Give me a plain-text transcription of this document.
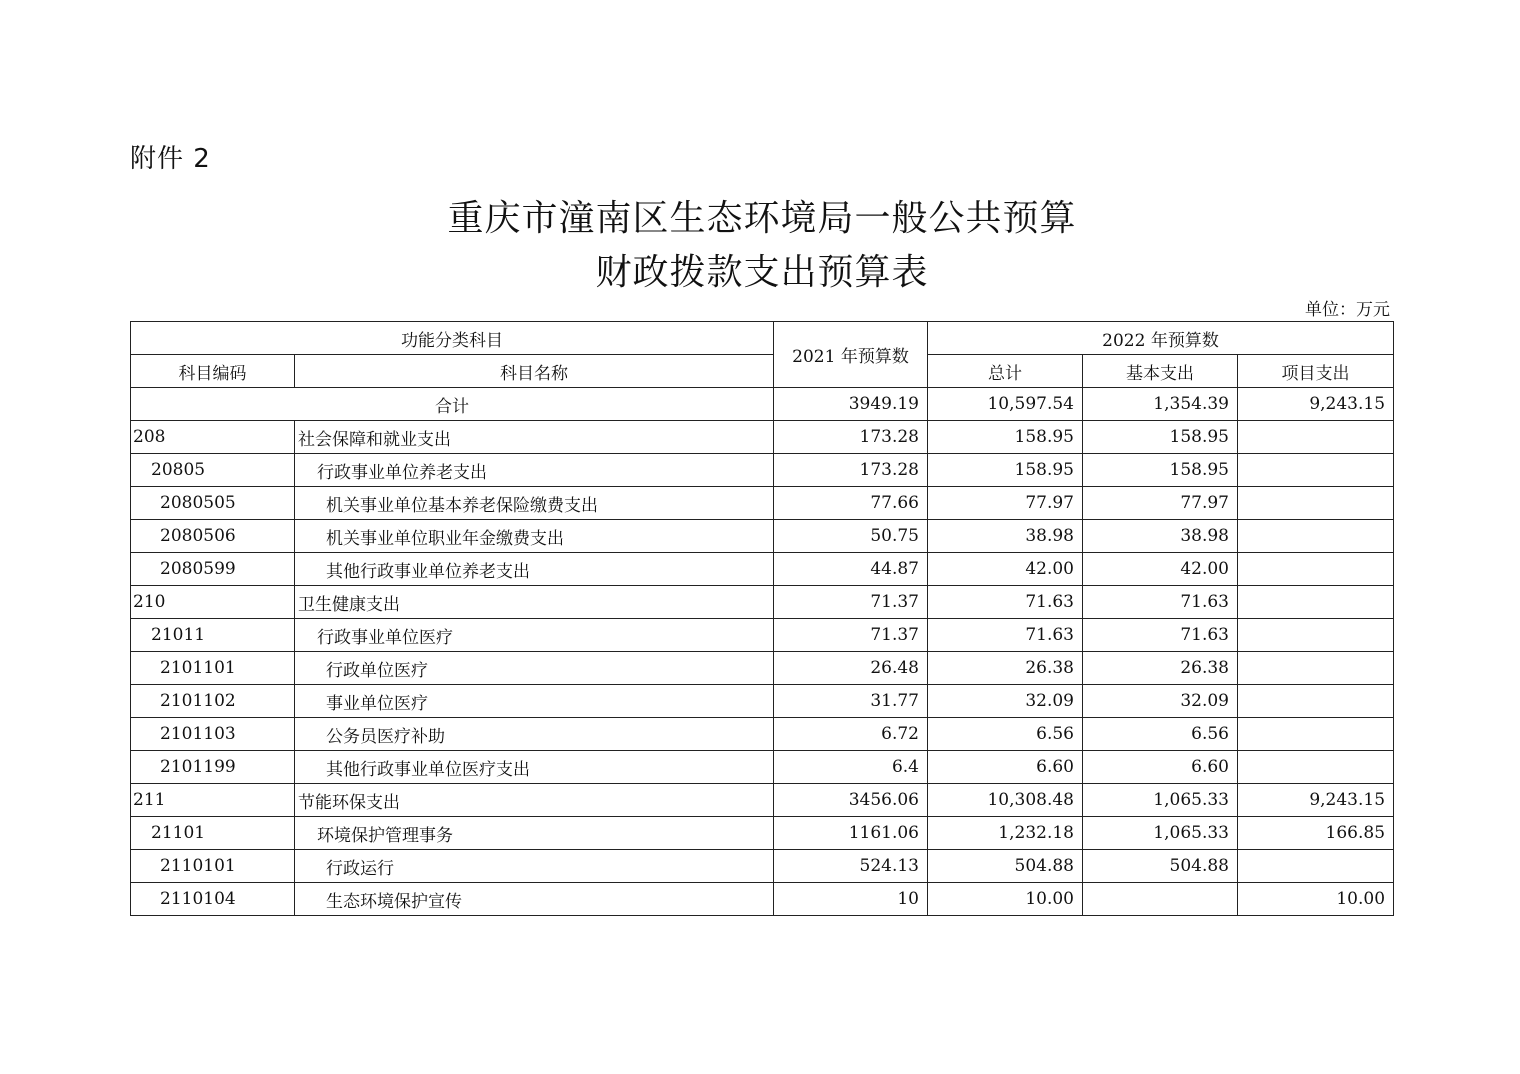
附件 2
重庆市潼南区生态环境局一般公共预算
财政拨款支出预算表
单位：万元
功能分类科目		2021 年预算数	2022 年预算数		
科目编码	科目名称		总计	基本支出	项目支出
合计		3949.19	10,597.54	1,354.39	9,243.15
208	社会保障和就业支出	173.28	158.95	158.95	
20805	行政事业单位养老支出	173.28	158.95	158.95	
2080505	机关事业单位基本养老保险缴费支出	77.66	77.97	77.97	
2080506	机关事业单位职业年金缴费支出	50.75	38.98	38.98	
2080599	其他行政事业单位养老支出	44.87	42.00	42.00	
210	卫生健康支出	71.37	71.63	71.63	
21011	行政事业单位医疗	71.37	71.63	71.63	
2101101	行政单位医疗	26.48	26.38	26.38	
2101102	事业单位医疗	31.77	32.09	32.09	
2101103	公务员医疗补助	6.72	6.56	6.56	
2101199	其他行政事业单位医疗支出	6.4	6.60	6.60	
211	节能环保支出	3456.06	10,308.48	1,065.33	9,243.15
21101	环境保护管理事务	1161.06	1,232.18	1,065.33	166.85
2110101	行政运行	524.13	504.88	504.88	
2110104	生态环境保护宣传	10	10.00		10.00
